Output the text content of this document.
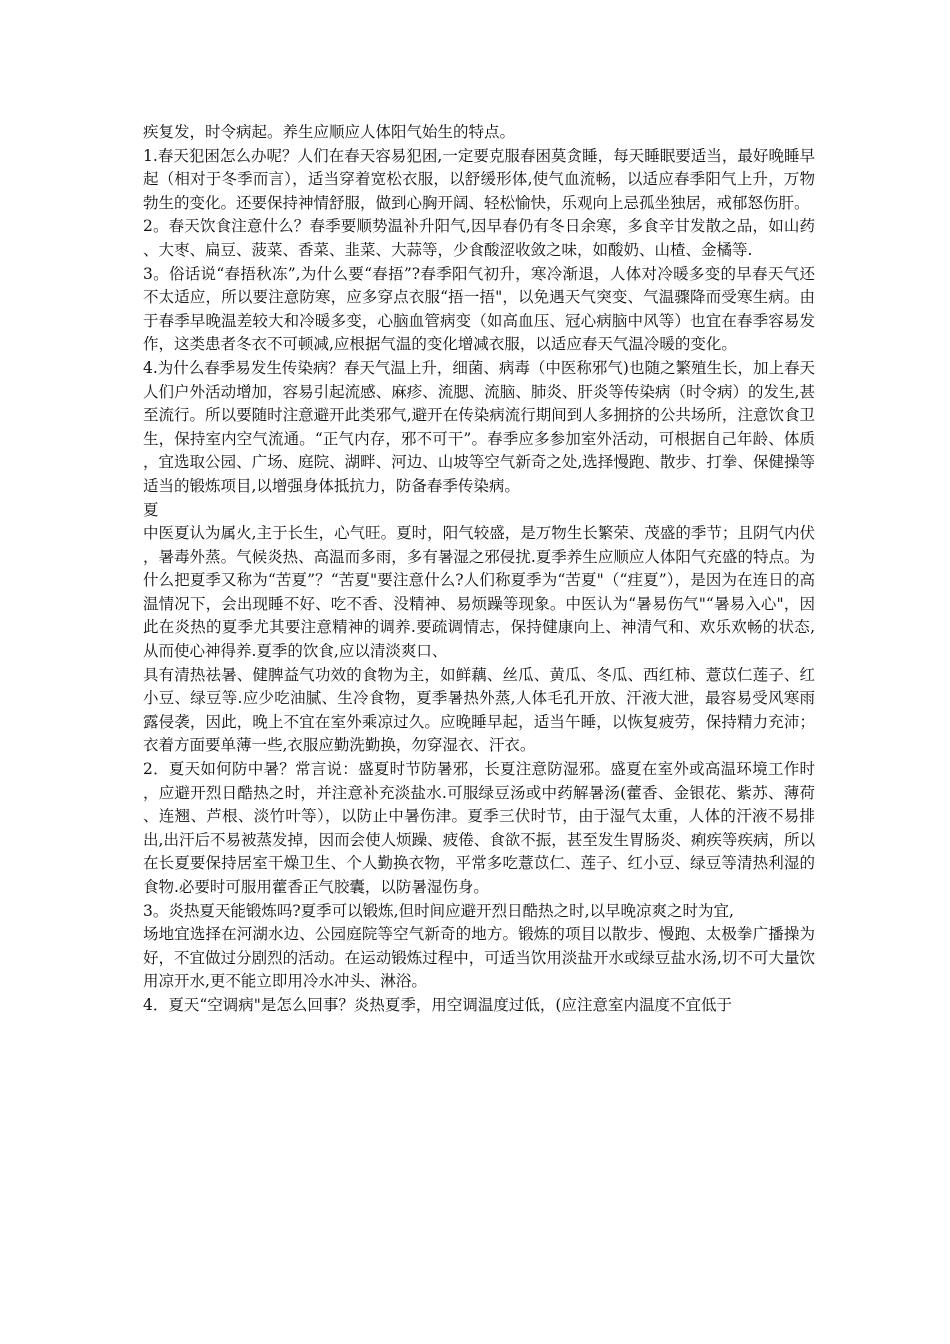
疾复发，时令病起。养生应顺应人体阳气始生的特点。

1.春天犯困怎么办呢？人们在春天容易犯困,一定要克服春困莫贪睡，每天睡眠要适当，最好晚睡早起（相对于冬季而言），适当穿着宽松衣服，以舒缓形体,使气血流畅，以适应春季阳气上升，万物勃生的变化。还要保持神情舒服，做到心胸开阔、轻松愉快，乐观向上忌孤坐独居，戒郁怒伤肝。

2。春天饮食注意什么？春季要顺势温补升阳气,因早春仍有冬日余寒，多食辛甘发散之品，如山药、大枣、扁豆、菠菜、香菜、韭菜、大蒜等，少食酸涩收敛之味，如酸奶、山楂、金橘等.

3。俗话说“春捂秋冻”,为什么要“春捂”?春季阳气初升，寒冷渐退，人体对冷暖多变的早春天气还不太适应，所以要注意防寒，应多穿点衣服“捂一捂"，以免遇天气突变、气温骤降而受寒生病。由于春季早晚温差较大和冷暖多变，心脑血管病变（如高血压、冠心病脑中风等）也宜在春季容易发作，这类患者冬衣不可顿减,应根据气温的变化增减衣服，以适应春天气温冷暖的变化。

4.为什么春季易发生传染病？春天气温上升，细菌、病毒（中医称邪气)也随之繁殖生长，加上春天人们户外活动增加，容易引起流感、麻疹、流腮、流脑、肺炎、肝炎等传染病（时令病）的发生,甚至流行。所以要随时注意避开此类邪气,避开在传染病流行期间到人多拥挤的公共场所，注意饮食卫生，保持室内空气流通。“正气内存，邪不可干”。春季应多参加室外活动，可根据自己年龄、体质，宜选取公园、广场、庭院、湖畔、河边、山坡等空气新奇之处,选择慢跑、散步、打拳、保健操等适当的锻炼项目,以增强身体抵抗力，防备春季传染病。

夏

中医夏认为属火,主于长生，心气旺。夏时，阳气较盛，是万物生长繁荣、茂盛的季节；且阴气内伏，暑毒外蒸。气候炎热、高温而多雨，多有暑湿之邪侵扰.夏季养生应顺应人体阳气充盛的特点。为什么把夏季又称为“苦夏”？“苦夏"要注意什么?人们称夏季为“苦夏"（“疰夏”），是因为在连日的高温情况下，会出现睡不好、吃不香、没精神、易烦躁等现象。中医认为“暑易伤气"“暑易入心"，因此在炎热的夏季尤其要注意精神的调养.要疏调情志，保持健康向上、神清气和、欢乐欢畅的状态,从而使心神得养.夏季的饮食,应以清淡爽口、

具有清热祛暑、健脾益气功效的食物为主，如鲜藕、丝瓜、黄瓜、冬瓜、西红柿、薏苡仁莲子、红小豆、绿豆等.应少吃油腻、生冷食物，夏季暑热外蒸,人体毛孔开放、汗液大泄，最容易受风寒雨露侵袭，因此，晚上不宜在室外乘凉过久。应晚睡早起，适当午睡，以恢复疲劳，保持精力充沛；衣着方面要单薄一些,衣服应勤洗勤换，勿穿湿衣、汗衣。

2．夏天如何防中暑？常言说：盛夏时节防暑邪，长夏注意防湿邪。盛夏在室外或高温环境工作时，应避开烈日酷热之时，并注意补充淡盐水.可服绿豆汤或中药解暑汤(藿香、金银花、紫苏、薄荷、连翘、芦根、淡竹叶等），以防止中暑伤津。夏季三伏时节，由于湿气太重，人体的汗液不易排出,出汗后不易被蒸发掉，因而会使人烦躁、疲倦、食欲不振，甚至发生胃肠炎、痢疾等疾病，所以在长夏要保持居室干燥卫生、个人勤换衣物，平常多吃薏苡仁、莲子、红小豆、绿豆等清热利湿的食物.必要时可服用藿香正气胶囊，以防暑湿伤身。

3。炎热夏天能锻炼吗?夏季可以锻炼,但时间应避开烈日酷热之时,以早晚凉爽之时为宜,

场地宜选择在河湖水边、公园庭院等空气新奇的地方。锻炼的项目以散步、慢跑、太极拳广播操为好，不宜做过分剧烈的活动。在运动锻炼过程中，可适当饮用淡盐开水或绿豆盐水汤,切不可大量饮用凉开水,更不能立即用冷水冲头、淋浴。

4．夏天“空调病"是怎么回事？炎热夏季，用空调温度过低，(应注意室内温度不宜低于
